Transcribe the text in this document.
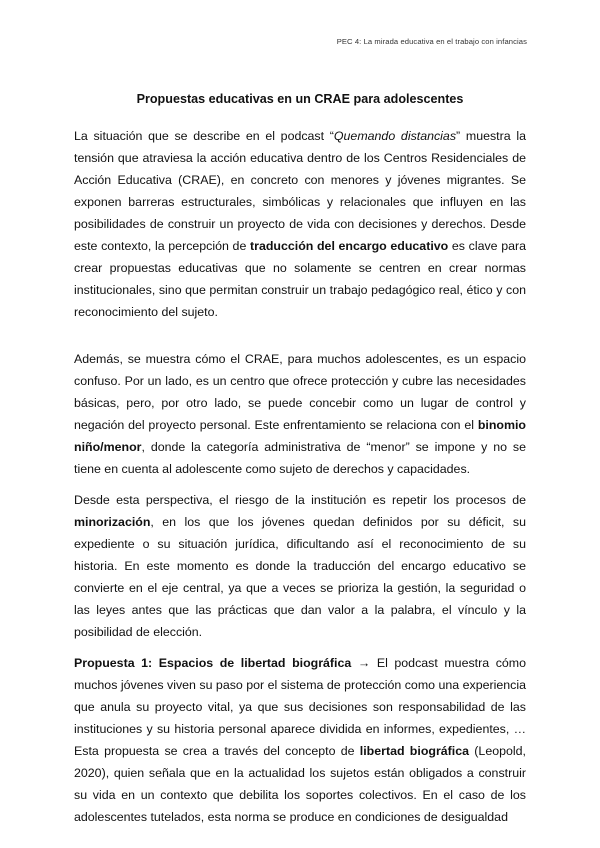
PEC 4: La mirada educativa en el trabajo con infancias
Propuestas educativas en un CRAE para adolescentes

La situación que se describe en el podcast “Quemando distancias” muestra la tensión que atraviesa la acción educativa dentro de los Centros Residenciales de Acción Educativa (CRAE), en concreto con menores y jóvenes migrantes. Se exponen barreras estructurales, simbólicas y relacionales que influyen en las posibilidades de construir un proyecto de vida con decisiones y derechos. Desde este contexto, la percepción de traducción del encargo educativo es clave para crear propuestas educativas que no solamente se centren en crear normas institucionales, sino que permitan construir un trabajo pedagógico real, ético y con reconocimiento del sujeto.

Además, se muestra cómo el CRAE, para muchos adolescentes, es un espacio confuso. Por un lado, es un centro que ofrece protección y cubre las necesidades básicas, pero, por otro lado, se puede concebir como un lugar de control y negación del proyecto personal. Este enfrentamiento se relaciona con el binomio niño/menor, donde la categoría administrativa de “menor” se impone y no se tiene en cuenta al adolescente como sujeto de derechos y capacidades.

Desde esta perspectiva, el riesgo de la institución es repetir los procesos de minorización, en los que los jóvenes quedan definidos por su déficit, su expediente o su situación jurídica, dificultando así el reconocimiento de su historia. En este momento es donde la traducción del encargo educativo se convierte en el eje central, ya que a veces se prioriza la gestión, la seguridad o las leyes antes que las prácticas que dan valor a la palabra, el vínculo y la posibilidad de elección.

Propuesta 1: Espacios de libertad biográfica → El podcast muestra cómo muchos jóvenes viven su paso por el sistema de protección como una experiencia que anula su proyecto vital, ya que sus decisiones son responsabilidad de las instituciones y su historia personal aparece dividida en informes, expedientes, … Esta propuesta se crea a través del concepto de libertad biográfica (Leopold, 2020), quien señala que en la actualidad los sujetos están obligados a construir su vida en un contexto que debilita los soportes colectivos. En el caso de los adolescentes tutelados, esta norma se produce en condiciones de desigualdad
